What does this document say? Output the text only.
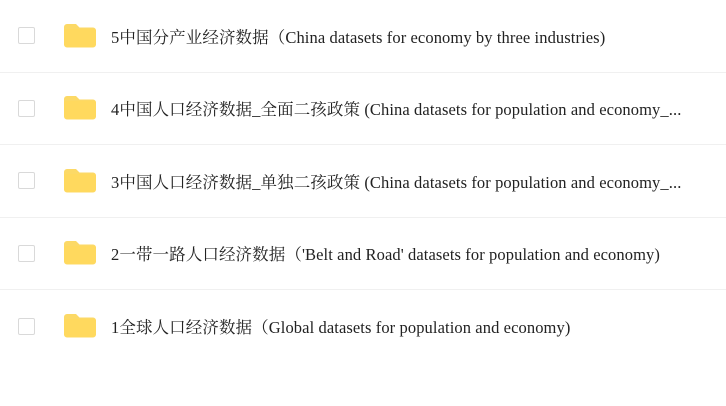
5中国分产业经济数据（China datasets for economy by three industries)
4中国人口经济数据_全面二孩政策 (China datasets for population and economy_...
3中国人口经济数据_单独二孩政策 (China datasets for population and economy_...
2一带一路人口经济数据（'Belt and Road' datasets for population and economy)
1全球人口经济数据（Global datasets for population and economy)
